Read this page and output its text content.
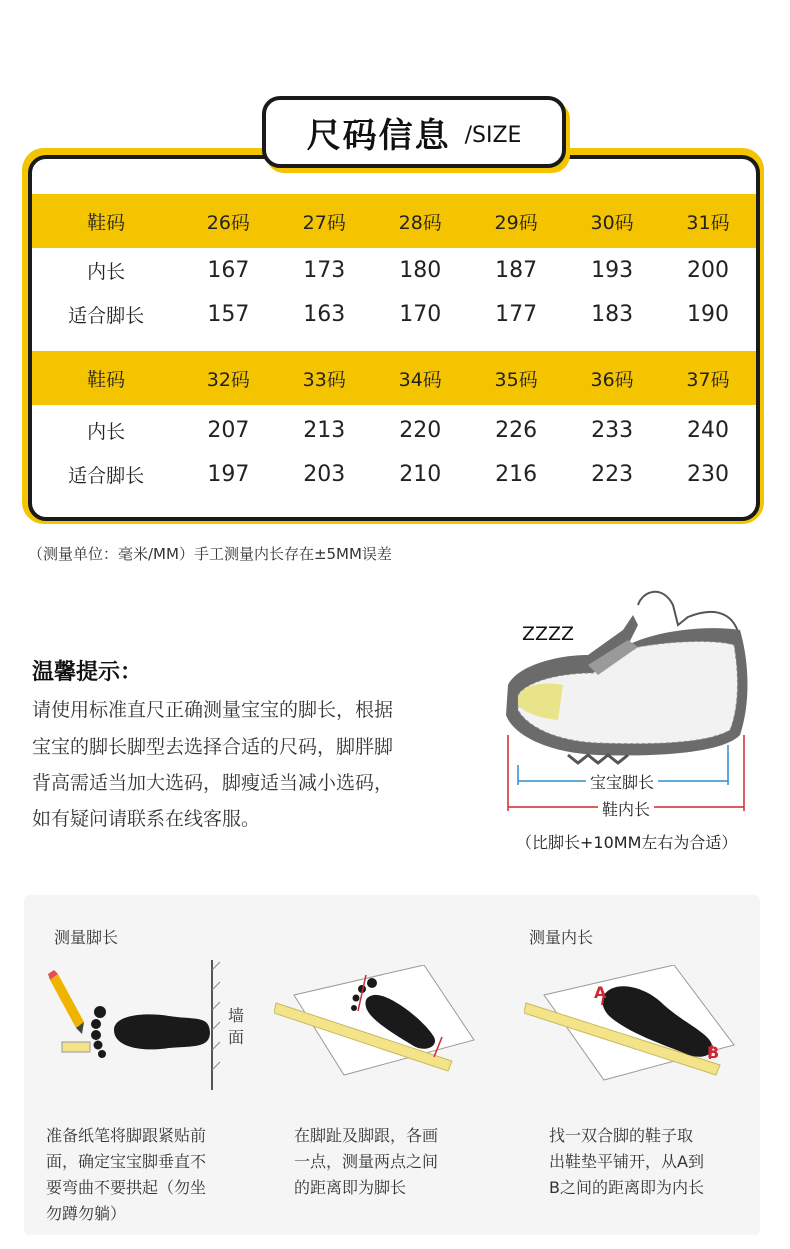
尺码信息 /SIZE
鞋码	26码	27码	28码	29码	30码	31码
内长	167	173	180	187	193	200
适合脚长	157	163	170	177	183	190
鞋码	32码	33码	34码	35码	36码	37码
内长	207	213	220	226	233	240
适合脚长	197	203	210	216	223	230
（测量单位：毫米/MM）手工测量内长存在±5MM误差
温馨提示：
请使用标准直尺正确测量宝宝的脚长，根据
宝宝的脚长脚型去选择合适的尺码，脚胖脚
背高需适当加大选码，脚瘦适当减小选码，
如有疑问请联系在线客服。
ZZZZ
宝宝脚长
鞋内长
（比脚长+10MM左右为合适）
测量脚长	测量内长
墙面
A
B
准备纸笔将脚跟紧贴前
面，确定宝宝脚垂直不
要弯曲不要拱起（勿坐
勿蹲勿躺）
在脚趾及脚跟，各画
一点，测量两点之间
的距离即为脚长
找一双合脚的鞋子取
出鞋垫平铺开，从A到
B之间的距离即为内长
